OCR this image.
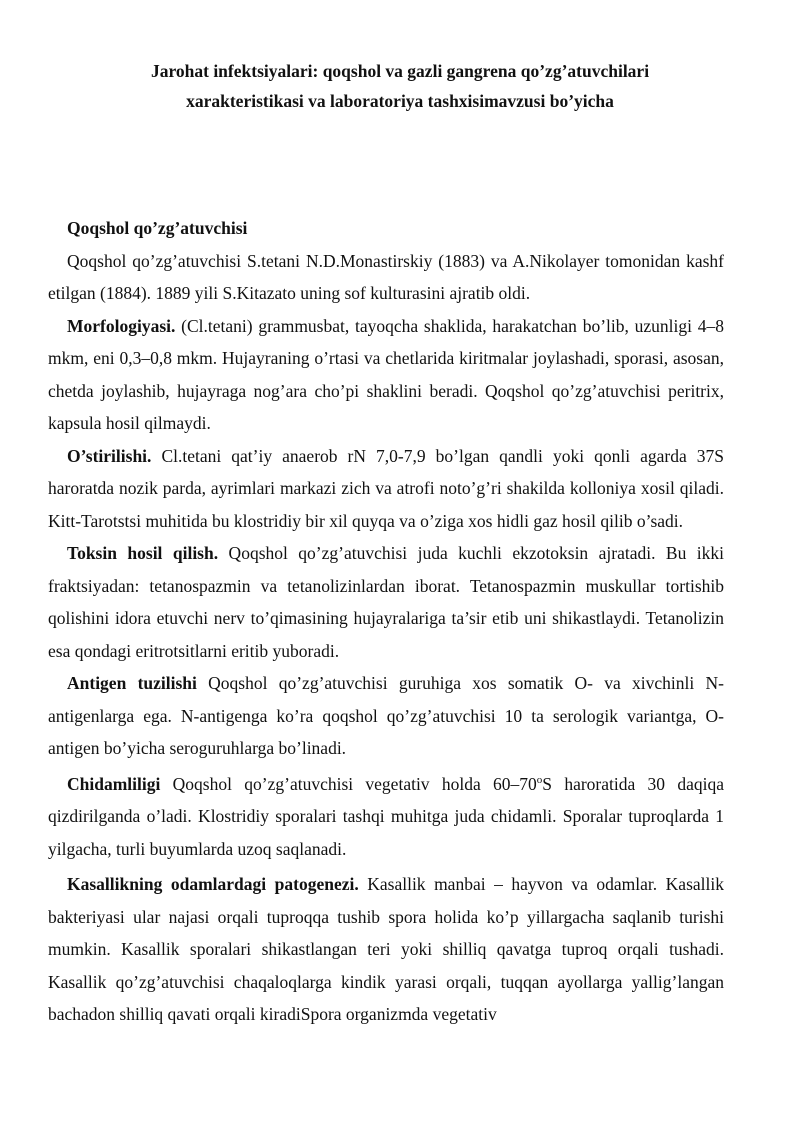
Jarohat infektsiyalari: qoqshol va gazli gangrena qo’zg’atuvchilari
xarakteristikasi va laboratoriya tashxisimavzusi bo’yicha

Qoqshol qo’zg’atuvchisi

Qoqshol qo’zg’atuvchisi S.tetani N.D.Monastirskiy (1883) va A.Nikolayer tomonidan kashf etilgan (1884). 1889 yili S.Kitazato uning sof kulturasini ajratib oldi.

Morfologiyasi. (Cl.tetani) grammusbat, tayoqcha shaklida, harakatchan bo’lib, uzunligi 4–8 mkm, eni 0,3–0,8 mkm. Hujayraning o’rtasi va chetlarida kiritmalar joylashadi, sporasi, asosan, chetda joylashib, hujayraga nog’ara cho’pi shaklini beradi. Qoqshol qo’zg’atuvchisi peritrix, kapsula hosil qilmaydi.

O’stirilishi. Cl.tetani qat’iy anaerob rN 7,0-7,9 bo’lgan qandli yoki qonli agarda 37S haroratda nozik parda, ayrimlari markazi zich va atrofi noto’g’ri shakilda kolloniya xosil qiladi. Kitt-Tarotstsi muhitida bu klostridiy bir xil quyqa va o’ziga xos hidli gaz hosil qilib o’sadi.

Toksin hosil qilish. Qoqshol qo’zg’atuvchisi juda kuchli ekzotoksin ajratadi. Bu ikki fraktsiyadan: tetanospazmin va tetanolizinlardan iborat. Tetanospazmin muskullar tortishib qolishini idora etuvchi nerv to’qimasining hujayralariga ta’sir etib uni shikastlaydi. Tetanolizin esa qondagi eritrotsitlarni eritib yuboradi.

Antigen tuzilishi Qoqshol qo’zg’atuvchisi guruhiga xos somatik O- va xivchinli N-antigenlarga ega. N-antigenga ko’ra qoqshol qo’zg’atuvchisi 10 ta serologik variantga, O-antigen bo’yicha seroguruhlarga bo’linadi.

Chidamliligi Qoqshol qo’zg’atuvchisi vegetativ holda 60–70$^o$S haroratida 30 daqiqa qizdirilganda o’ladi. Klostridiy sporalari tashqi muhitga juda chidamli. Sporalar tuproqlarda 1 yilgacha, turli buyumlarda uzoq saqlanadi.

Kasallikning odamlardagi patogenezi. Kasallik manbai – hayvon va odamlar. Kasallik bakteriyasi ular najasi orqali tuproqqa tushib spora holida ko’p yillargacha saqlanib turishi mumkin. Kasallik sporalari shikastlangan teri yoki shilliq qavatga tuproq orqali tushadi. Kasallik qo’zg’atuvchisi chaqaloqlarga kindik yarasi orqali, tuqqan ayollarga yallig’langan bachadon shilliq qavati orqali kiradiSpora organizmda vegetativ
